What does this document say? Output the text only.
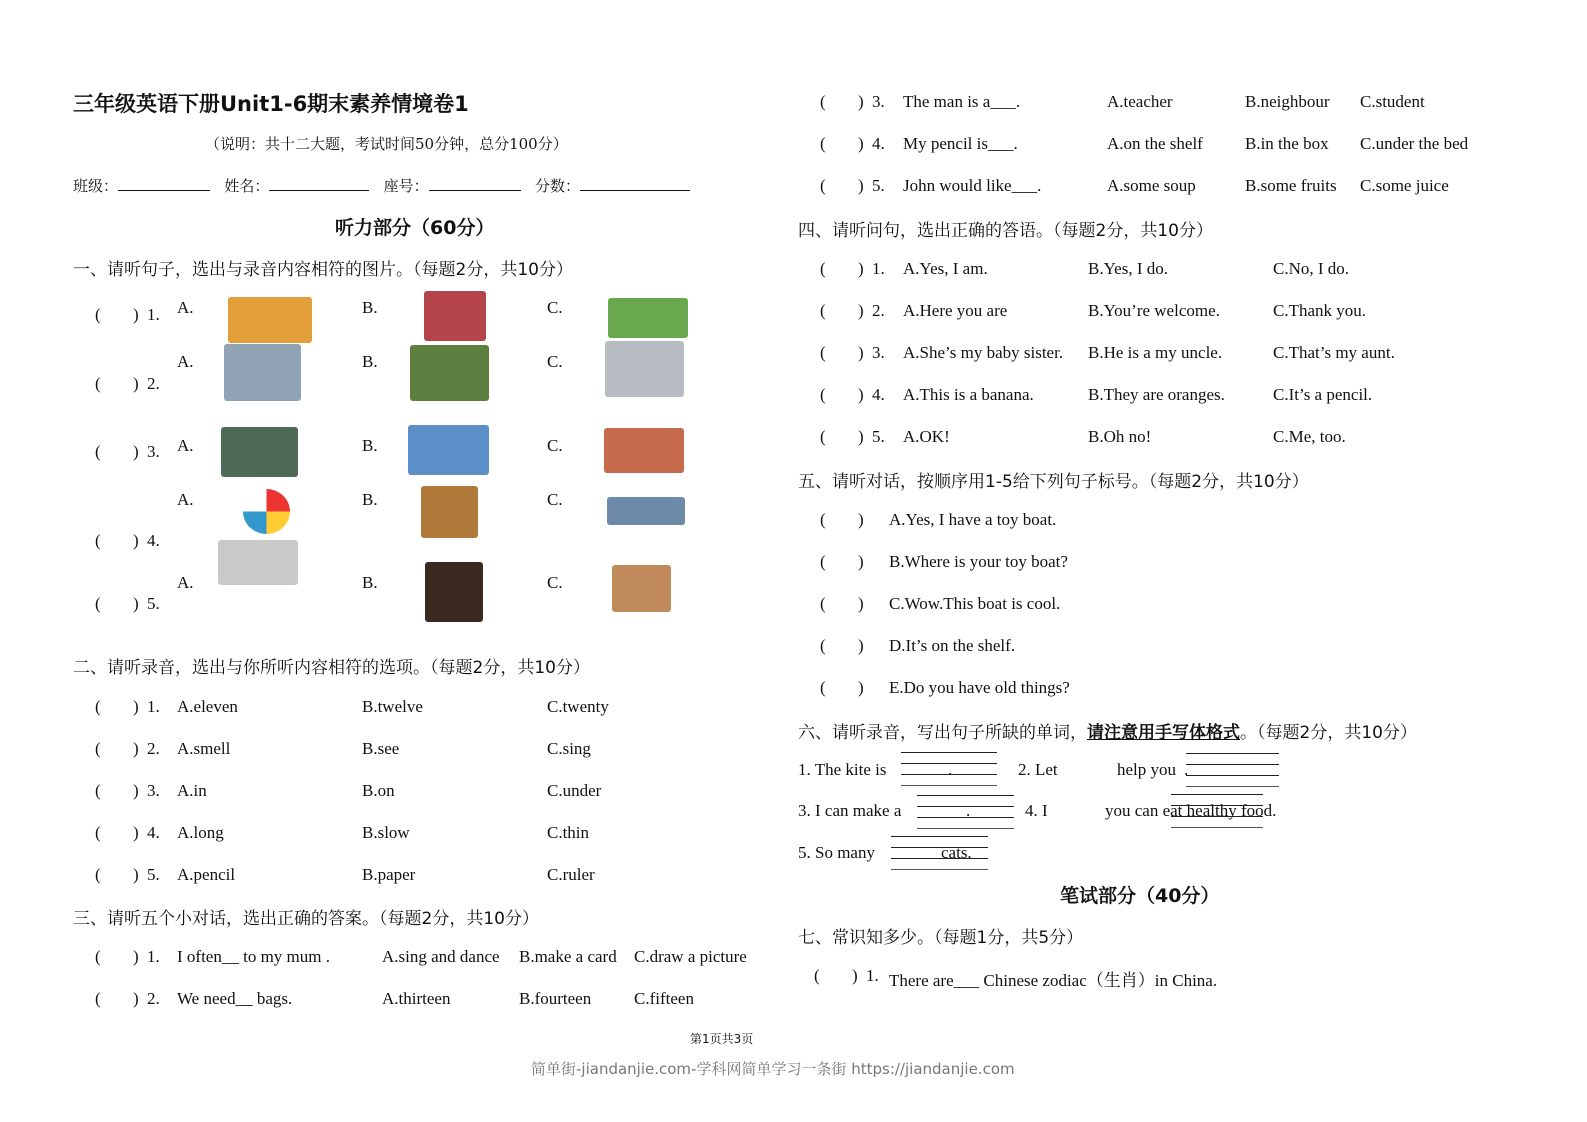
三年级英语下册Unit1-6期末素养情境卷1
（说明：共十二大题，考试时间50分钟，总分100分）
班级：	姓名：	座号：	分数：
听力部分（60分）
一、请听句子，选出与录音内容相符的图片。（每题2分，共10分）
二、请听录音，选出与你所听内容相符的选项。（每题2分，共10分）
三、请听五个小对话，选出正确的答案。（每题2分，共10分）
四、请听问句，选出正确的答语。（每题2分，共10分）
五、请听对话，按顺序用1-5给下列句子标号。（每题2分，共10分）
六、请听录音，写出句子所缺的单词，请注意用手写体格式。（每题2分，共10分）
1. The kite is	.	2. Let	help you .
3. I can make a	.	4. I	you can eat healthy food.
5. So many	cats.
笔试部分（40分）
七、常识知多少。（每题1分，共5分）
第1页共3页
简单街-jiandanjie.com-学科网简单学习一条街 https://jiandanjie.com
( ) 1. A.	B.	C.
( ) 2.
A.	B.	C.
( ) 3. A.	B.	C.
( ) 4.
A.	B.	C.
( ) 5.
A.	B.	C.
( ) 1. A.eleven	B.twelve	C.twenty
( ) 2. A.smell	B.see	C.sing
( ) 3. A.in	B.on	C.under
( ) 4. A.long	B.slow	C.thin
( ) 5. A.pencil	B.paper	C.ruler
( ) 1. I often__ to my mum .	A.sing and dance B.make a card C.draw a picture
( ) 2. We need__ bags.	A.thirteen	B.fourteen	C.fifteen
( ) 3. The man is a___.	A.teacher	B.neighbour C.student
( ) 4. My pencil is___.	A.on the shelf B.in the box C.under the bed
( ) 5. John would like___.	A.some soup	B.some fruits C.some juice
( ) 1. A.Yes, I am.	B.Yes, I do.	C.No, I do.
( ) 2. A.Here you are	B.You’re welcome.	C.Thank you.
( ) 3. A.She’s my baby sister. B.He is a my uncle.	C.That’s my aunt.
( ) 4. A.This is a banana.	B.They are oranges.	C.It’s a pencil.
( ) 5. A.OK!	B.Oh no!	C.Me, too.
( ) A.Yes, I have a toy boat.
( ) B.Where is your toy boat?
( ) C.Wow.This boat is cool.
( ) D.It’s on the shelf.
( ) E.Do you have old things?
( ) 1. There are___ Chinese zodiac（生肖）in China.
